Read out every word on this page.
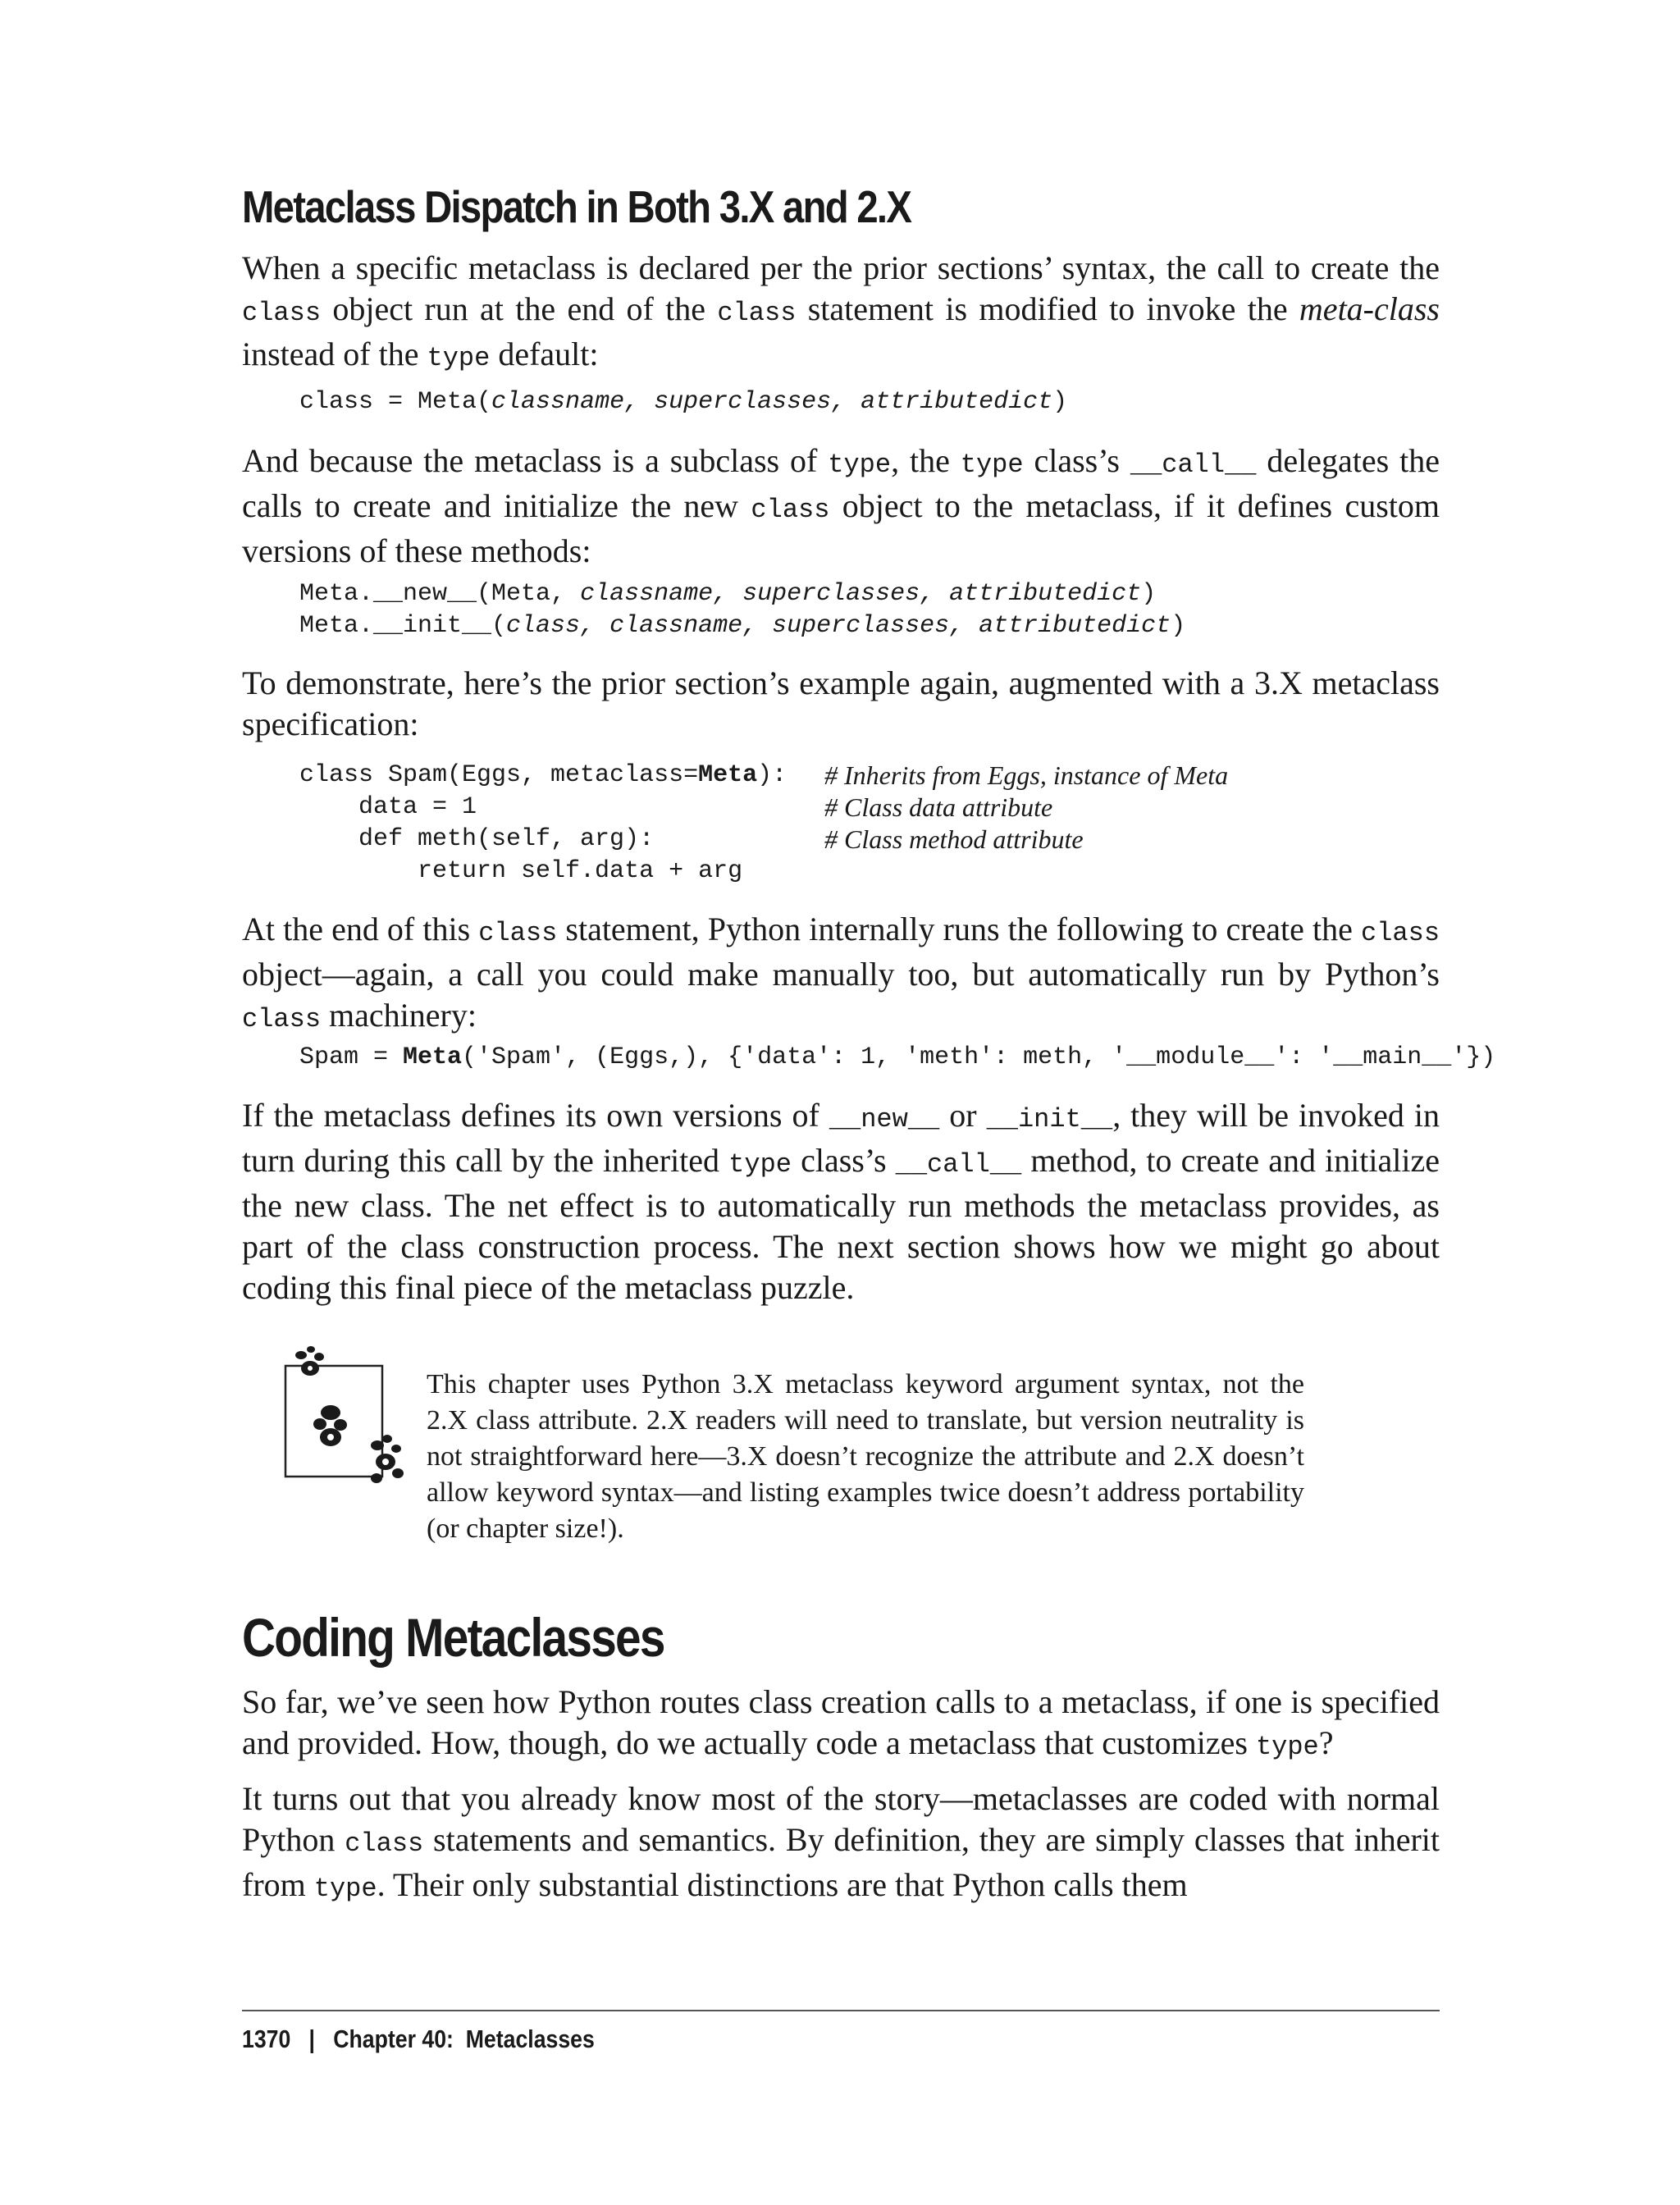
Metaclass Dispatch in Both 3.X and 2.X

When a specific metaclass is declared per the prior sections’ syntax, the call to create the class object run at the end of the class statement is modified to invoke the meta-class instead of the type default:

class = Meta(classname, superclasses, attributedict)

And because the metaclass is a subclass of type, the type class’s __call__ delegates the calls to create and initialize the new class object to the metaclass, if it defines custom versions of these methods:

Meta.__new__(Meta, classname, superclasses, attributedict)
Meta.__init__(class, classname, superclasses, attributedict)

To demonstrate, here’s the prior section’s example again, augmented with a 3.X metaclass specification:

class Spam(Eggs, metaclass=Meta):
data = 1
def meth(self, arg):
return self.data + arg
# Inherits from Eggs, instance of Meta
# Class data attribute
# Class method attribute

At the end of this class statement, Python internally runs the following to create the class object—again, a call you could make manually too, but automatically run by Python’s class machinery:

Spam = Meta('Spam', (Eggs,), {'data': 1, 'meth': meth, '__module__': '__main__'})

If the metaclass defines its own versions of __new__ or __init__, they will be invoked in turn during this call by the inherited type class’s __call__ method, to create and initialize the new class. The net effect is to automatically run methods the metaclass provides, as part of the class construction process. The next section shows how we might go about coding this final piece of the metaclass puzzle.

This chapter uses Python 3.X metaclass keyword argument syntax, not the 2.X class attribute. 2.X readers will need to translate, but version neutrality is not straightforward here—3.X doesn’t recognize the attribute and 2.X doesn’t allow keyword syntax—and listing examples twice doesn’t address portability (or chapter size!).

Coding Metaclasses

So far, we’ve seen how Python routes class creation calls to a metaclass, if one is specified and provided. How, though, do we actually code a metaclass that customizes type?

It turns out that you already know most of the story—metaclasses are coded with normal Python class statements and semantics. By definition, they are simply classes that inherit from type. Their only substantial distinctions are that Python calls them

1370 | Chapter 40:  Metaclasses
